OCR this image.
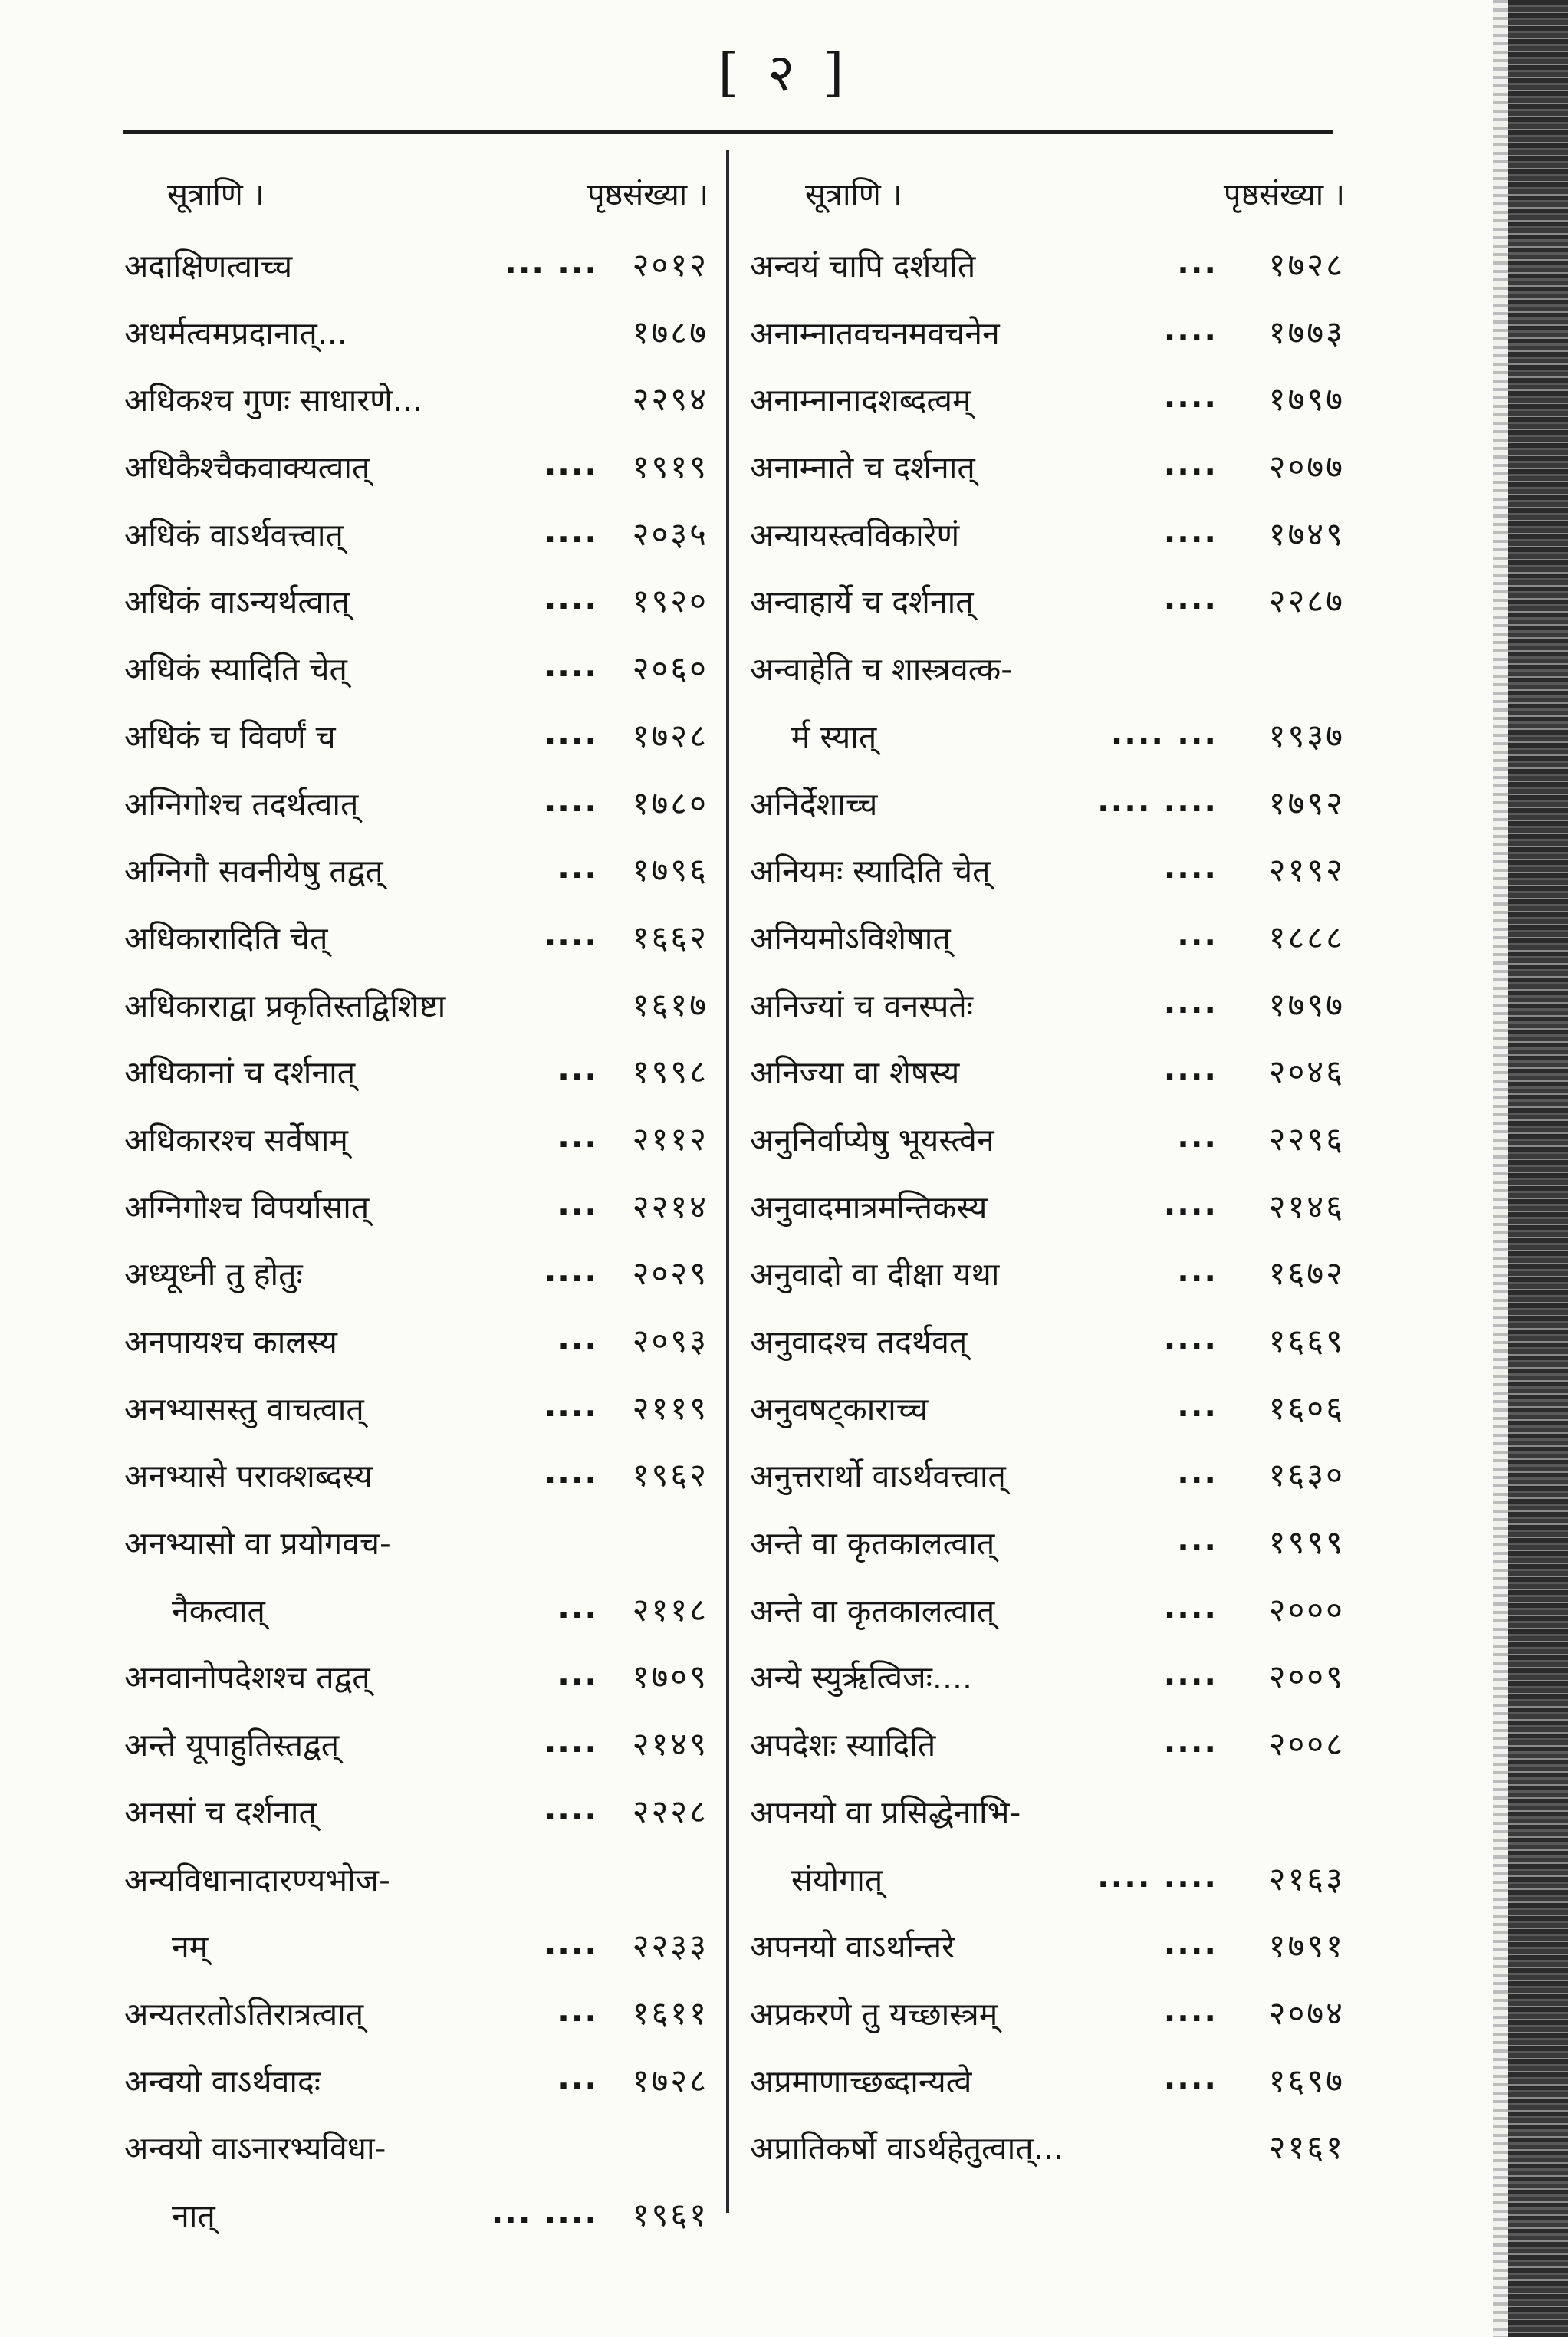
[ २ ]
सूत्राणि ।	पृष्ठसंख्या ।
अदाक्षिणत्वाच्च	... ... २०१२
अधर्मत्वमप्रदानात्...	१७८७
अधिकश्च गुणः साधारणे...	२२९४
अधिकैश्चैकवाक्यत्वात्	.... १९१९
अधिकं वाऽर्थवत्त्वात्	.... २०३५
अधिकं वाऽन्यर्थत्वात्	.... १९२०
अधिकं स्यादिति चेत्	.... २०६०
अधिकं च विवर्णं च	.... १७२८
अग्निगोश्च तदर्थत्वात्	.... १७८०
अग्निगौ सवनीयेषु तद्वत्	... १७९६
अधिकारादिति चेत्	.... १६६२
अधिकाराद्वा प्रकृतिस्तद्विशिष्टा	१६१७
अधिकानां च दर्शनात्	... १९९८
अधिकारश्च सर्वेषाम्	... २११२
अग्निगोश्च विपर्यासात्	... २२१४
अध्यूध्नी तु होतुः	.... २०२९
अनपायश्च कालस्य	... २०९३
अनभ्यासस्तु वाचत्वात्	.... २११९
अनभ्यासे पराक्शब्दस्य	.... १९६२
अनभ्यासो वा प्रयोगवच-
नैकत्वात्	... २११८
अनवानोपदेशश्च तद्वत्	... १७०९
अन्ते यूपाहुतिस्तद्वत्	.... २१४९
अनसां च दर्शनात्	.... २२२८
अन्यविधानादारण्यभोज-
नम्	.... २२३३
अन्यतरतोऽतिरात्रत्वात्	... १६११
अन्वयो वाऽर्थवादः	... १७२८
अन्वयो वाऽनारभ्यविधा-
नात्	... .... १९६१
सूत्राणि ।	पृष्ठसंख्या ।
अन्वयं चापि दर्शयति	... १७२८
अनाम्नातवचनमवचनेन	.... १७७३
अनाम्नानादशब्दत्वम्	.... १७९७
अनाम्नाते च दर्शनात्	.... २०७७
अन्यायस्त्वविकारेणं	.... १७४९
अन्वाहार्ये च दर्शनात्	.... २२८७
अन्वाहेति च शास्त्रवत्क-
र्म स्यात्	.... ... १९३७
अनिर्देशाच्च	.... .... १७९२
अनियमः स्यादिति चेत्	.... २१९२
अनियमोऽविशेषात्	... १८८८
अनिज्यां च वनस्पतेः	.... १७९७
अनिज्या वा शेषस्य	.... २०४६
अनुनिर्वाप्येषु भूयस्त्वेन	... २२९६
अनुवादमात्रमन्तिकस्य	.... २१४६
अनुवादो वा दीक्षा यथा	... १६७२
अनुवादश्च तदर्थवत्	.... १६६९
अनुवषट्काराच्च	... १६०६
अनुत्तरार्थो वाऽर्थवत्त्वात्	... १६३०
अन्ते वा कृतकालत्वात्	... १९९९
अन्ते वा कृतकालत्वात्	.... २०००
अन्ये स्युर्ऋत्विजः....	.... २००९
अपदेशः स्यादिति	.... २००८
अपनयो वा प्रसिद्धेनाभि-
संयोगात्	.... .... २१६३
अपनयो वाऽर्थान्तरे	.... १७९१
अप्रकरणे तु यच्छास्त्रम्	.... २०७४
अप्रमाणाच्छब्दान्यत्वे	.... १६९७
अप्रातिकर्षो वाऽर्थहेतुत्वात्...	२१६१
